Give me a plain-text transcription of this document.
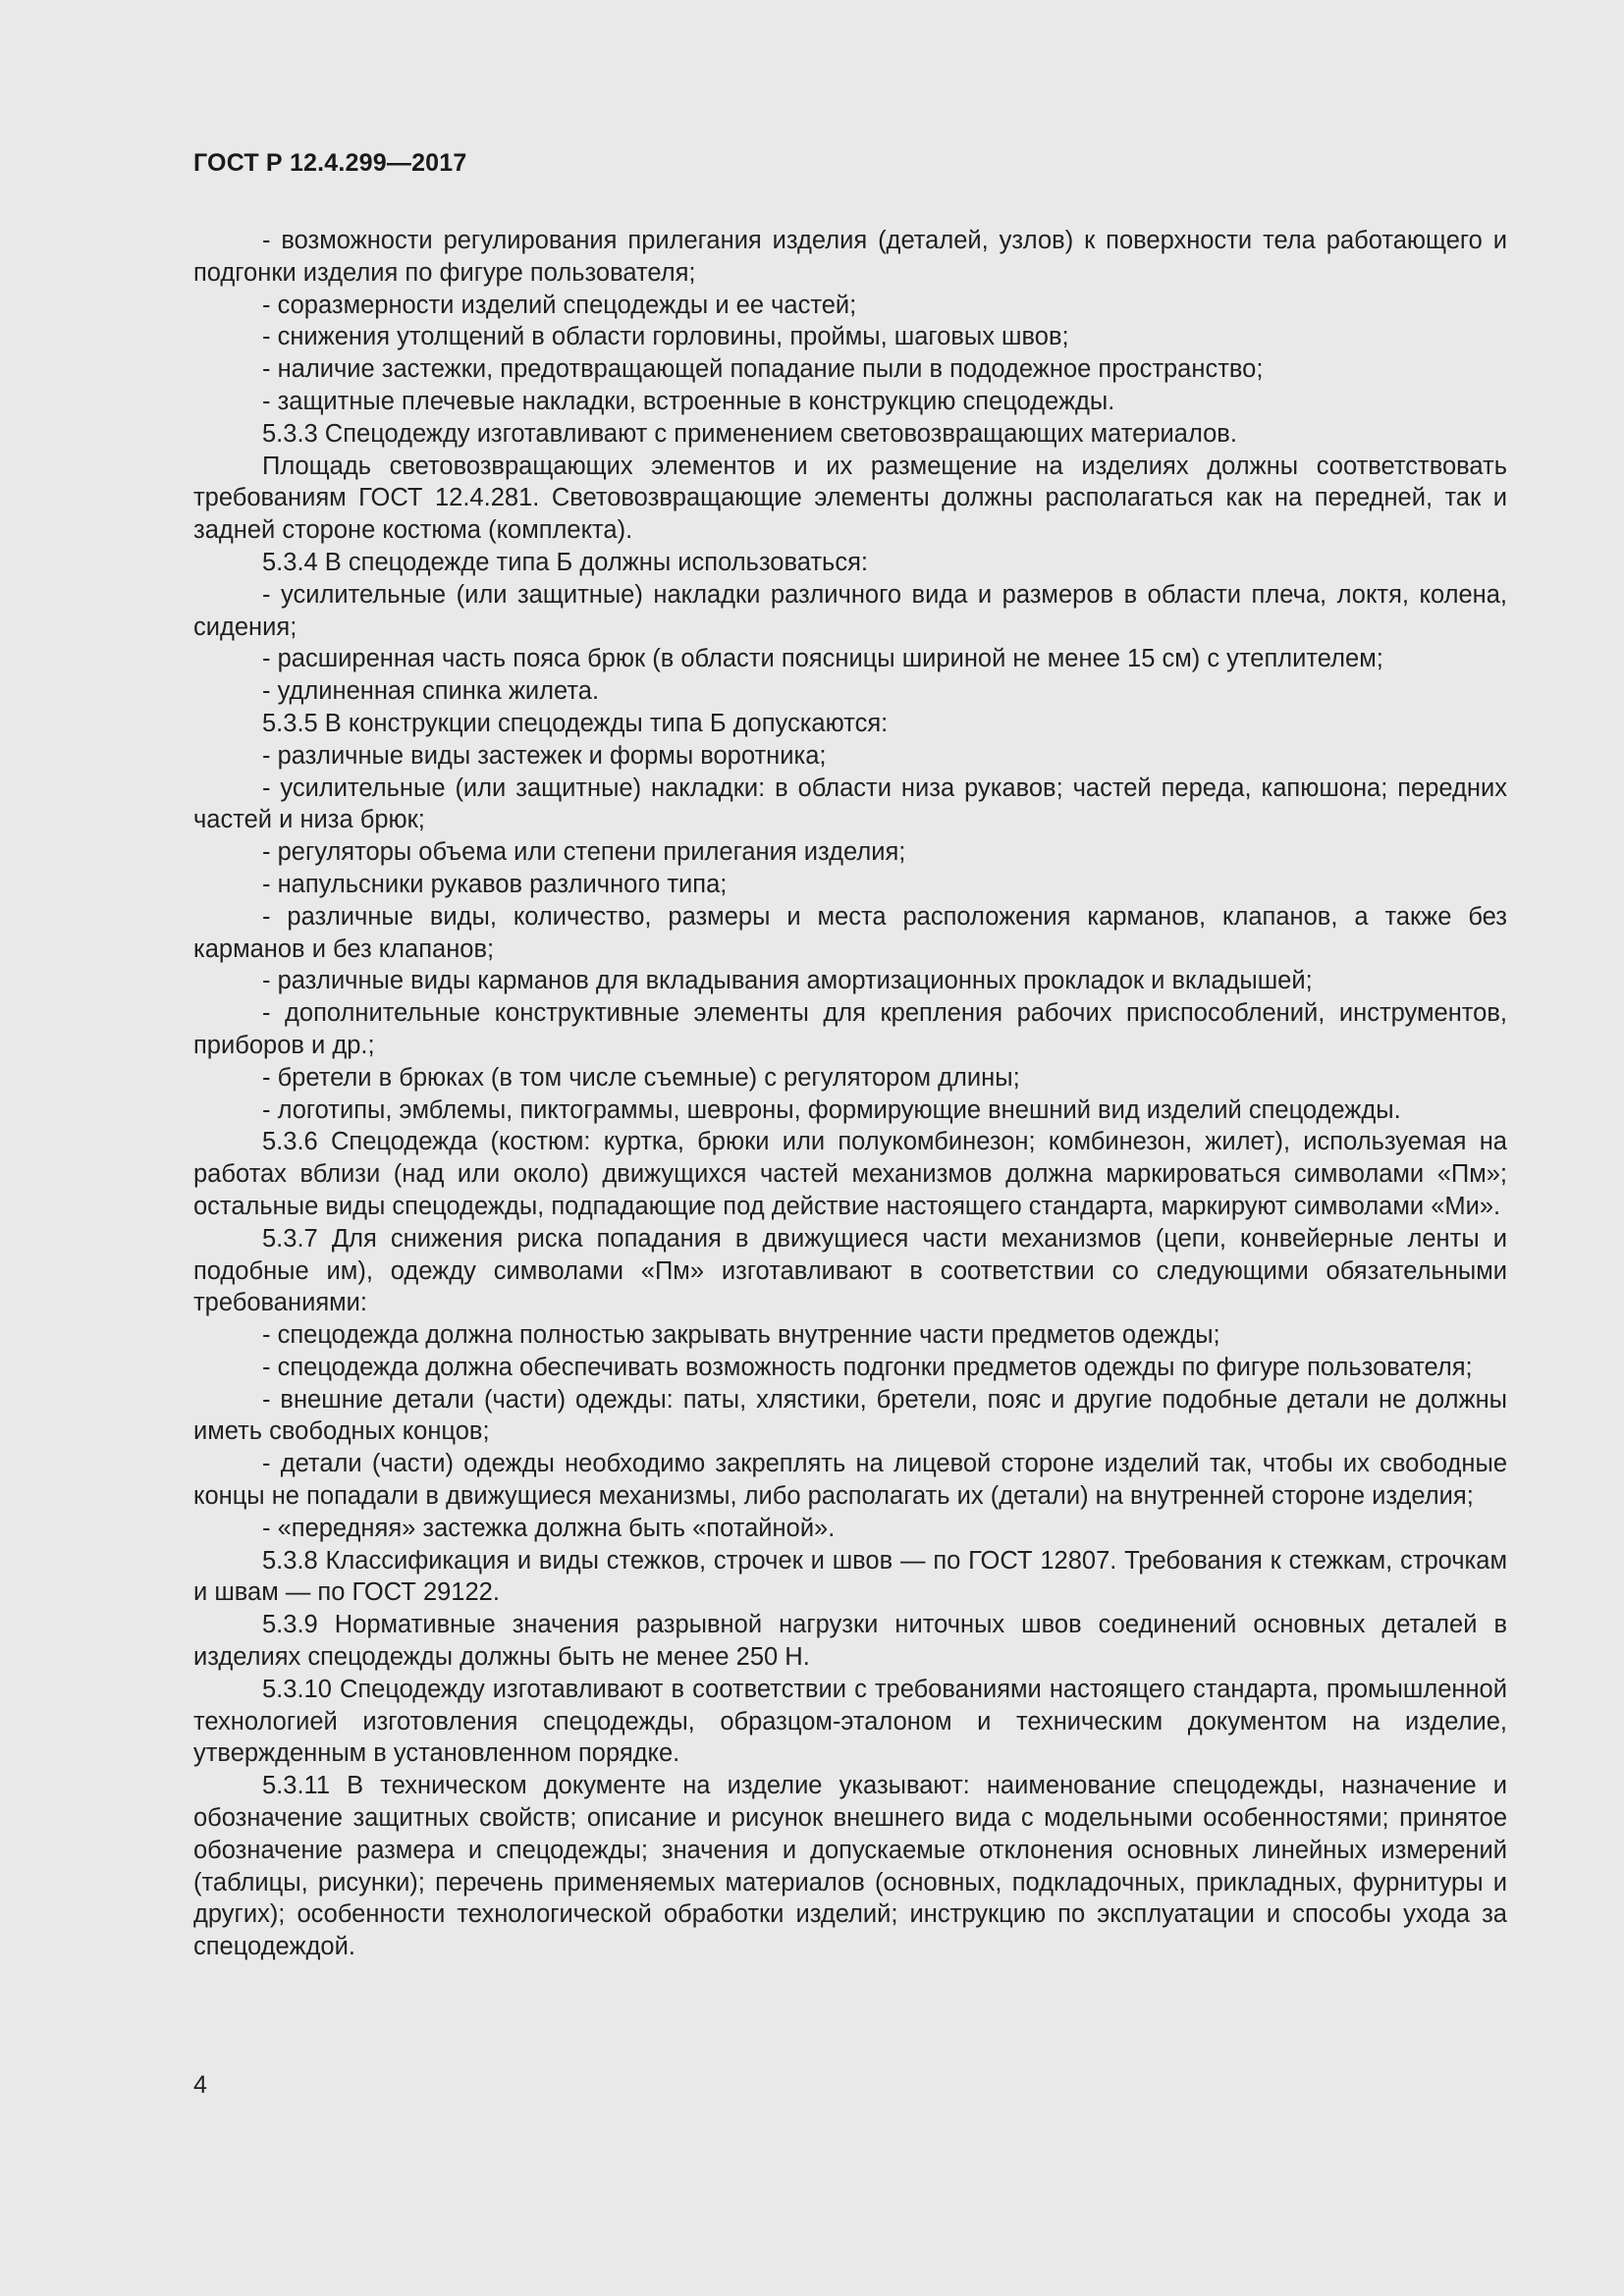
ГОСТ Р 12.4.299—2017

- возможности регулирования прилегания изделия (деталей, узлов) к поверхности тела работающего и подгонки изделия по фигуре пользователя;

- соразмерности изделий спецодежды и ее частей;

- снижения утолщений в области горловины, проймы, шаговых швов;

- наличие застежки, предотвращающей попадание пыли в пододежное пространство;

- защитные плечевые накладки, встроенные в конструкцию спецодежды.

5.3.3 Спецодежду изготавливают с применением световозвращающих материалов.

Площадь световозвращающих элементов и их размещение на изделиях должны соответствовать требованиям ГОСТ 12.4.281. Световозвращающие элементы должны располагаться как на передней, так и задней стороне костюма (комплекта).

5.3.4 В спецодежде типа Б должны использоваться:

- усилительные (или защитные) накладки различного вида и размеров в области плеча, локтя, колена, сидения;

- расширенная часть пояса брюк (в области поясницы шириной не менее 15 см) с утеплителем;

- удлиненная спинка жилета.

5.3.5 В конструкции спецодежды типа Б допускаются:

- различные виды застежек и формы воротника;

- усилительные (или защитные) накладки: в области низа рукавов; частей переда, капюшона; передних частей и низа брюк;

- регуляторы объема или степени прилегания изделия;

- напульсники рукавов различного типа;

- различные виды, количество, размеры и места расположения карманов, клапанов, а также без карманов и без клапанов;

- различные виды карманов для вкладывания амортизационных прокладок и вкладышей;

- дополнительные конструктивные элементы для крепления рабочих приспособлений, инструментов, приборов и др.;

- бретели в брюках (в том числе съемные) с регулятором длины;

- логотипы, эмблемы, пиктограммы, шевроны, формирующие внешний вид изделий спецодежды.

5.3.6 Спецодежда (костюм: куртка, брюки или полукомбинезон; комбинезон, жилет), используемая на работах вблизи (над или около) движущихся частей механизмов должна маркироваться символами «Пм»; остальные виды спецодежды, подпадающие под действие настоящего стандарта, маркируют символами «Ми».

5.3.7 Для снижения риска попадания в движущиеся части механизмов (цепи, конвейерные ленты и подобные им), одежду символами «Пм» изготавливают в соответствии со следующими обязательными требованиями:

- спецодежда должна полностью закрывать внутренние части предметов одежды;

- спецодежда должна обеспечивать возможность подгонки предметов одежды по фигуре пользователя;

- внешние детали (части) одежды: паты, хлястики, бретели, пояс и другие подобные детали не должны иметь свободных концов;

- детали (части) одежды необходимо закреплять на лицевой стороне изделий так, чтобы их свободные концы не попадали в движущиеся механизмы, либо располагать их (детали) на внутренней стороне изделия;

- «передняя» застежка должна быть «потайной».

5.3.8 Классификация и виды стежков, строчек и швов — по ГОСТ 12807. Требования к стежкам, строчкам и швам — по ГОСТ 29122.

5.3.9 Нормативные значения разрывной нагрузки ниточных швов соединений основных деталей в изделиях спецодежды должны быть не менее 250 Н.

5.3.10 Спецодежду изготавливают в соответствии с требованиями настоящего стандарта, промышленной технологией изготовления спецодежды, образцом-эталоном и техническим документом на изделие, утвержденным в установленном порядке.

5.3.11 В техническом документе на изделие указывают: наименование спецодежды, назначение и обозначение защитных свойств; описание и рисунок внешнего вида с модельными особенностями; принятое обозначение размера и спецодежды; значения и допускаемые отклонения основных линейных измерений (таблицы, рисунки); перечень применяемых материалов (основных, подкладочных, прикладных, фурнитуры и других); особенности технологической обработки изделий; инструкцию по эксплуатации и способы ухода за спецодеждой.

4
